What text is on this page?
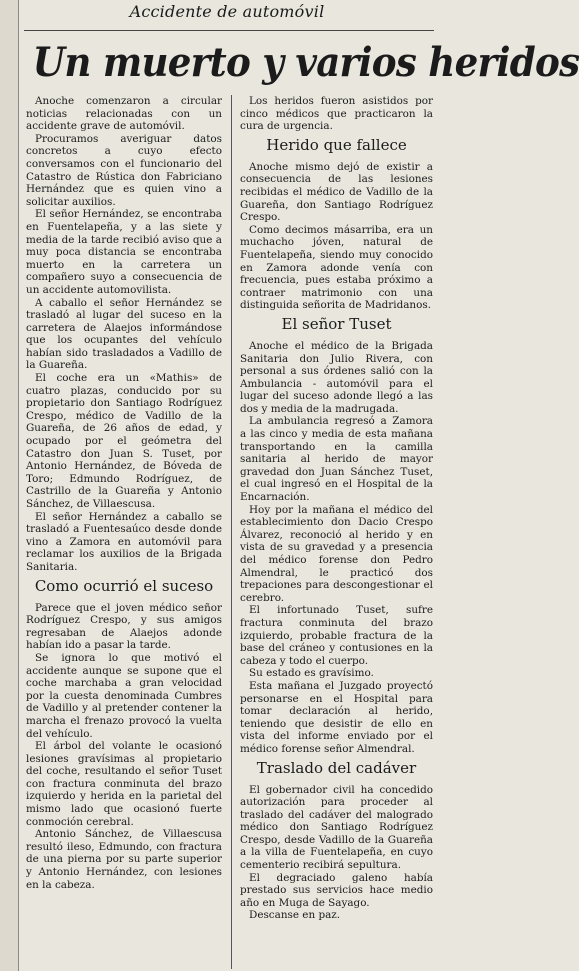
Accidente de automóvil
Un muerto y varios heridos

Anoche comenzaron a circular noticias relacionadas con un accidente grave de automóvil.

Procuramos averiguar datos concretos a cuyo efecto conversamos con el funcionario del Catastro de Rústica don Fabriciano Hernández que es quien vino a solicitar auxilios.

El señor Hernández, se encontraba en Fuentelapeña, y a las siete y media de la tarde recibió aviso que a muy poca distancia se encontraba muerto en la carretera un compañero suyo a consecuencia de un accidente automovilista.

A caballo el señor Hernández se trasladó al lugar del suceso en la carretera de Alaejos informándose que los ocupantes del vehículo habían sido trasladados a Vadillo de la Guareña.

El coche era un «Mathis» de cuatro plazas, conducido por su propietario don Santiago Rodríguez Crespo, médico de Vadillo de la Guareña, de 26 años de edad, y ocupado por el geómetra del Catastro don Juan S. Tuset, por Antonio Hernández, de Bóveda de Toro; Edmundo Rodríguez, de Castrillo de la Guareña y Antonio Sánchez, de Villaescusa.

El señor Hernández a caballo se trasladó a Fuentesaúco desde donde vino a Zamora en automóvil para reclamar los auxilios de la Brigada Sanitaria.

Como ocurrió el suceso

Parece que el joven médico señor Rodríguez Crespo, y sus amigos regresaban de Alaejos adonde habían ido a pasar la tarde.

Se ignora lo que motivó el accidente aunque se supone que el coche marchaba a gran velocidad por la cuesta denominada Cumbres de Vadillo y al pretender contener la marcha el frenazo provocó la vuelta del vehículo.

El árbol del volante le ocasionó lesiones gravísimas al propietario del coche, resultando el señor Tuset con fractura conminuta del brazo izquierdo y herida en la parietal del mismo lado que ocasionó fuerte conmoción cerebral.

Antonio Sánchez, de Villaescusa resultó ileso, Edmundo, con fractura de una pierna por su parte superior y Antonio Hernández, con lesiones en la cabeza.

Los heridos fueron asistidos por cinco médicos que practicaron la cura de urgencia.

Herido que fallece

Anoche mismo dejó de existir a consecuencia de las lesiones recibidas el médico de Vadillo de la Guareña, don Santiago Rodríguez Crespo.

Como decimos másarriba, era un muchacho jóven, natural de Fuentelapeña, siendo muy conocido en Zamora adonde venía con frecuencia, pues estaba próximo a contraer matrimonio con una distinguida señorita de Madridanos.

El señor Tuset

Anoche el médico de la Brigada Sanitaria don Julio Rivera, con personal a sus órdenes salió con la Ambulancia - automóvil para el lugar del suceso adonde llegó a las dos y media de la madrugada.

La ambulancia regresó a Zamora a las cinco y media de esta mañana transportando en la camilla sanitaria al herido de mayor gravedad don Juan Sánchez Tuset, el cual ingresó en el Hospital de la Encarnación.

Hoy por la mañana el médico del establecimiento don Dacio Crespo Álvarez, reconoció al herido y en vista de su gravedad y a presencia del médico forense don Pedro Almendral, le practicó dos trepaciones para descongestionar el cerebro.

El infortunado Tuset, sufre fractura conminuta del brazo izquierdo, probable fractura de la base del cráneo y contusiones en la cabeza y todo el cuerpo.

Su estado es gravísimo.

Esta mañana el Juzgado proyectó personarse en el Hospital para tomar declaración al herido, teniendo que desistir de ello en vista del informe enviado por el médico forense señor Almendral.

Traslado del cadáver

El gobernador civil ha concedido autorización para proceder al traslado del cadáver del malogrado médico don Santiago Rodríguez Crespo, desde Vadillo de la Guareña a la villa de Fuentelapeña, en cuyo cementerio recibirá sepultura.

El degraciado galeno había prestado sus servicios hace medio año en Muga de Sayago.

Descanse en paz.
